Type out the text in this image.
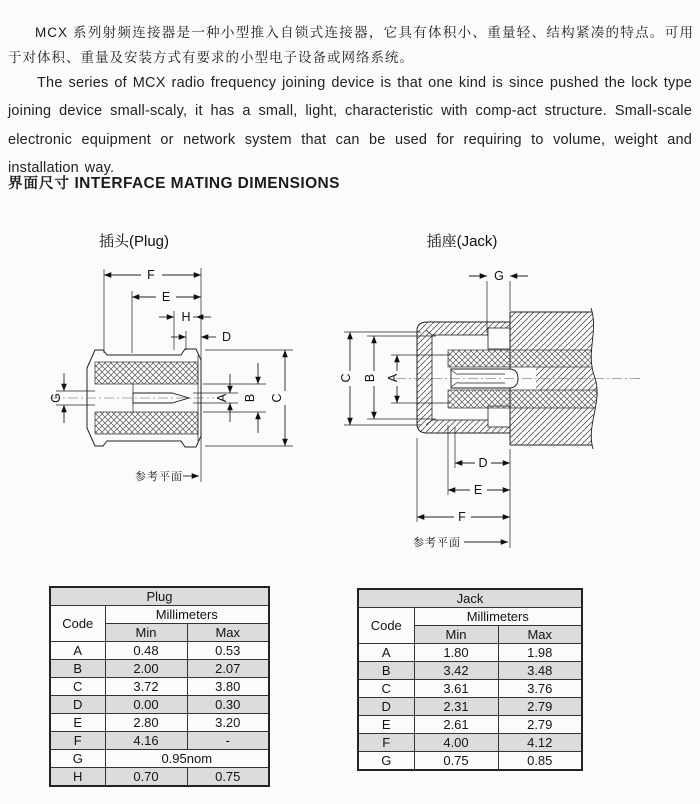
MCX 系列射频连接器是一种小型推入自锁式连接器，它具有体积小、重量轻、结构紧凑的特点。可用于对体积、重量及安装方式有要求的小型电子设备或网络系统。

The series of MCX radio frequency joining device is that one kind is since pushed the lock type joining device small-scaly, it has a small, light, characteristic with comp-act structure. Small-scale electronic equipment or network system that can be used for requiring to volume, weight and installation way.

界面尺寸 INTERFACE MATING DIMENSIONS
插头(Plug)
F
E
H
D
G	A B C
参考平面
插座(Jack)
G
C B A
D
E
F
参考平面
Plug		
Code	Millimeters	
	Min	Max
A	0.48	0.53
B	2.00	2.07
C	3.72	3.80
D	0.00	0.30
E	2.80	3.20
F	4.16	-
G	0.95nom	
H	0.70	0.75
Jack		
Code	Millimeters	
	Min	Max
A	1.80	1.98
B	3.42	3.48
C	3.61	3.76
D	2.31	2.79
E	2.61	2.79
F	4.00	4.12
G	0.75	0.85
